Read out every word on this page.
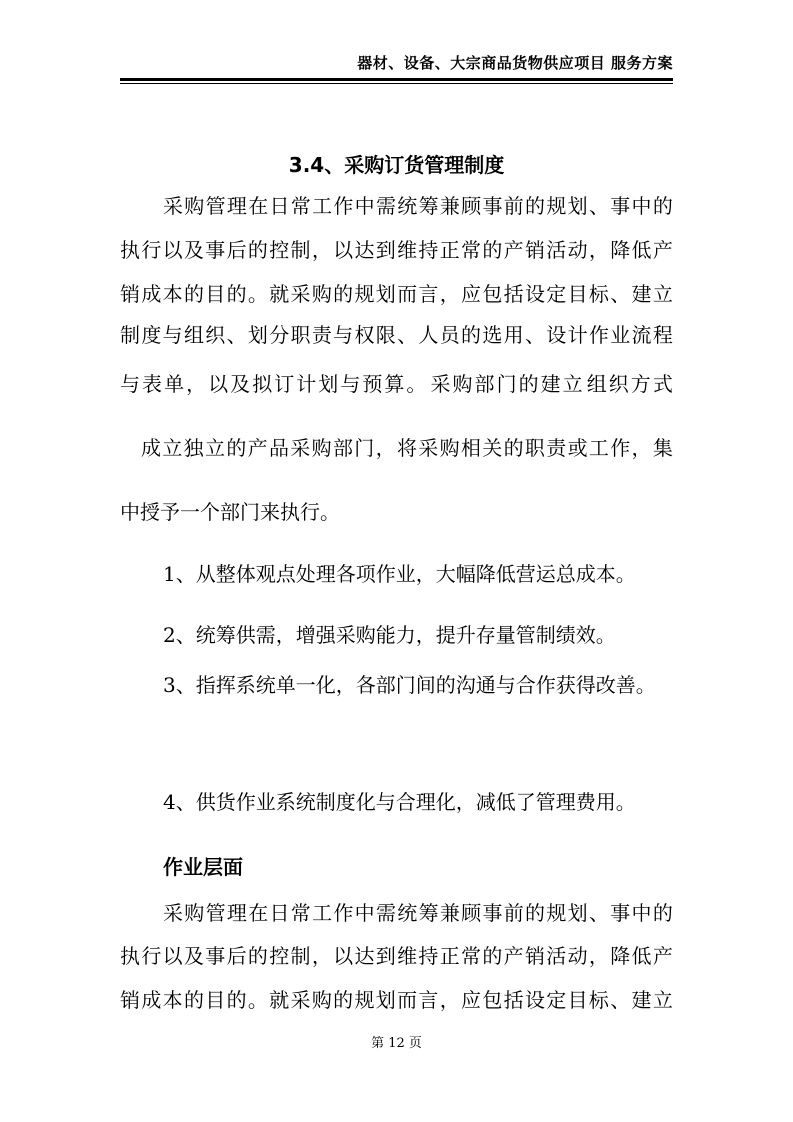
器材、设备、大宗商品货物供应项目 服务方案
3.4、采购订货管理制度
采 购 管 理 在 日 常 工 作 中 需 统 筹 兼 顾 事 前 的 规 划 、 事 中 的
执 行 以 及 事 后 的 控 制 ， 以 达 到 维 持 正 常 的 产 销 活 动 ， 降 低 产
销 成 本 的 目 的 。 就 采 购 的 规 划 而 言 ， 应 包 括 设 定 目 标 、 建 立
制 度 与 组 织 、 划 分 职 责 与 权 限 、 人 员 的 选 用 、 设 计 作 业 流 程
与 表 单 ， 以 及 拟 订 计 划 与 预 算 。 采 购 部 门 的 建 立 组 织 方 式
成 立 独 立 的 产 品 采 购 部 门 ， 将 采 购 相 关 的 职 责 或 工 作 ， 集
中授予一个部门来执行。
1、从整体观点处理各项作业，大幅降低营运总成本。
2、统筹供需，增强采购能力，提升存量管制绩效。
3、指挥系统单一化，各部门间的沟通与合作获得改善。
4、供货作业系统制度化与合理化，减低了管理费用。
作业层面
采 购 管 理 在 日 常 工 作 中 需 统 筹 兼 顾 事 前 的 规 划 、 事 中 的
执 行 以 及 事 后 的 控 制 ， 以 达 到 维 持 正 常 的 产 销 活 动 ， 降 低 产
销 成 本 的 目 的 。 就 采 购 的 规 划 而 言 ， 应 包 括 设 定 目 标 、 建 立
第 12 页
